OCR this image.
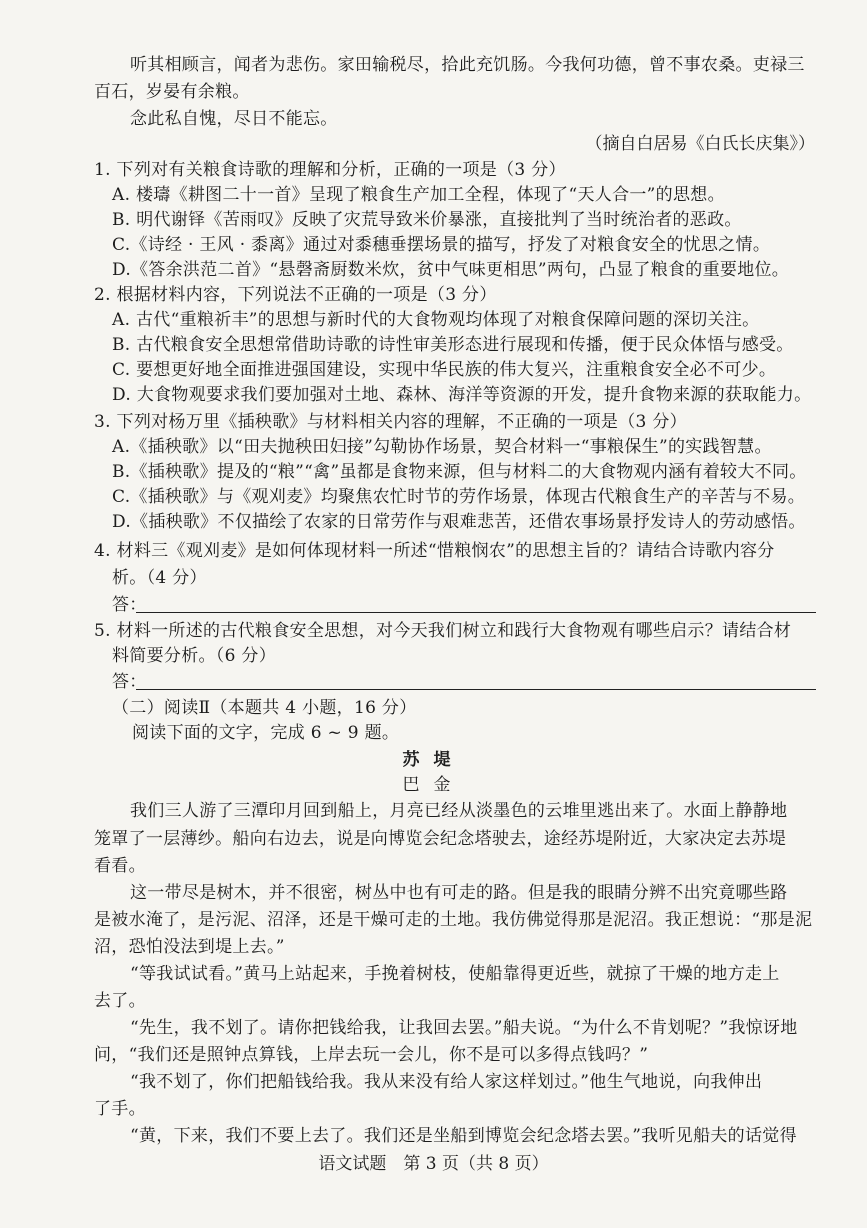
听其相顾言，闻者为悲伤。家田输税尽，拾此充饥肠。今我何功德，曾不事农桑。吏禄三
百石，岁晏有余粮。
念此私自愧，尽日不能忘。
（摘自白居易《白氏长庆集》）
1. 下列对有关粮食诗歌的理解和分析，正确的一项是（3 分）
A. 楼璹《耕图二十一首》呈现了粮食生产加工全程，体现了“天人合一”的思想。
B. 明代谢铎《苦雨叹》反映了灾荒导致米价暴涨，直接批判了当时统治者的恶政。
C.《诗经 · 王风 · 黍离》通过对黍穗垂摆场景的描写，抒发了对粮食安全的忧思之情。
D.《答余洪范二首》“悬磬斋厨数米炊，贫中气味更相思”两句，凸显了粮食的重要地位。
2. 根据材料内容，下列说法不正确的一项是（3 分）
A. 古代“重粮祈丰”的思想与新时代的大食物观均体现了对粮食保障问题的深切关注。
B. 古代粮食安全思想常借助诗歌的诗性审美形态进行展现和传播，便于民众体悟与感受。
C. 要想更好地全面推进强国建设，实现中华民族的伟大复兴，注重粮食安全必不可少。
D. 大食物观要求我们要加强对土地、森林、海洋等资源的开发，提升食物来源的获取能力。
3. 下列对杨万里《插秧歌》与材料相关内容的理解，不正确的一项是（3 分）
A.《插秧歌》以“田夫抛秧田妇接”勾勒协作场景，契合材料一“事粮保生”的实践智慧。
B.《插秧歌》提及的“粮”“禽”虽都是食物来源，但与材料二的大食物观内涵有着较大不同。
C.《插秧歌》与《观刈麦》均聚焦农忙时节的劳作场景，体现古代粮食生产的辛苦与不易。
D.《插秧歌》不仅描绘了农家的日常劳作与艰难悲苦，还借农事场景抒发诗人的劳动感悟。
4. 材料三《观刈麦》是如何体现材料一所述“惜粮悯农”的思想主旨的？请结合诗歌内容分
析。（4 分）
答：
5. 材料一所述的古代粮食安全思想，对今天我们树立和践行大食物观有哪些启示？请结合材
料简要分析。（6 分）
答：
（二）阅读Ⅱ（本题共 4 小题，16 分）
阅读下面的文字，完成 6 ~ 9 题。
苏堤
巴金
我们三人游了三潭印月回到船上，月亮已经从淡墨色的云堆里逃出来了。水面上静静地
笼罩了一层薄纱。船向右边去，说是向博览会纪念塔驶去，途经苏堤附近，大家决定去苏堤
看看。
这一带尽是树木，并不很密，树丛中也有可走的路。但是我的眼睛分辨不出究竟哪些路
是被水淹了，是污泥、沼泽，还是干燥可走的土地。我仿佛觉得那是泥沼。我正想说：“那是泥
沼，恐怕没法到堤上去。”
“等我试试看。”黄马上站起来，手挽着树枝，使船靠得更近些，就掠了干燥的地方走上
去了。
“先生，我不划了。请你把钱给我，让我回去罢。”船夫说。“为什么不肯划呢？”我惊讶地
问，“我们还是照钟点算钱，上岸去玩一会儿，你不是可以多得点钱吗？”
“我不划了，你们把船钱给我。我从来没有给人家这样划过。”他生气地说，向我伸出
了手。
“黄，下来，我们不要上去了。我们还是坐船到博览会纪念塔去罢。”我听见船夫的话觉得
语文试题　第 3 页（共 8 页）
